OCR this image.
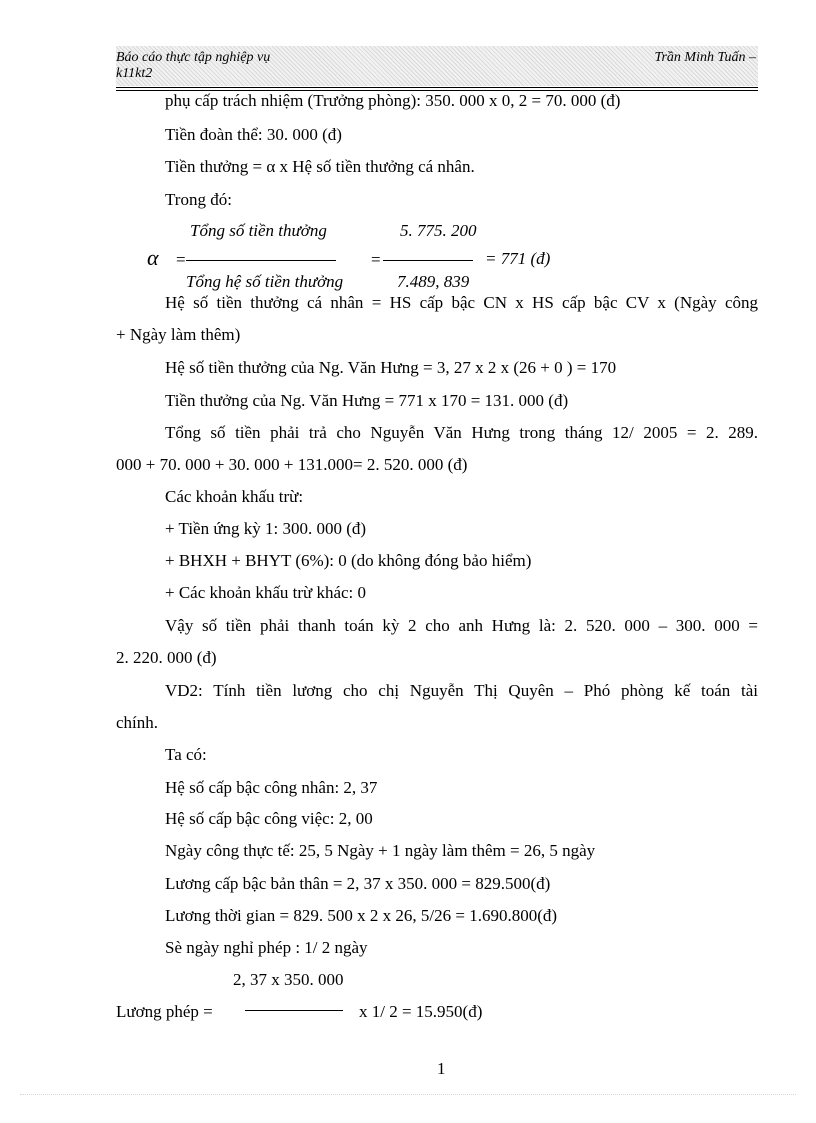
Báo cáo thực tập nghiệp vụ
k11kt2
Trần Minh Tuấn –
phụ cấp trách nhiệm (Trưởng phòng): 350. 000 x 0, 2 = 70. 000 (đ)
Tiền đoàn thể: 30. 000 (đ)
Tiền thưởng = α x Hệ số tiền thưởng cá nhân.
Trong đó:
Tổng số tiền thưởng	5. 775. 200
α =	=	= 771 (đ)
Tổng hệ số tiền thưởng	7.489, 839
Hệ số tiền thưởng cá nhân = HS cấp bậc CN x HS cấp bậc CV x (Ngày công
+ Ngày làm thêm)
Hệ số tiền thưởng của Ng. Văn Hưng = 3, 27 x 2 x (26 + 0 ) = 170
Tiền thưởng của Ng. Văn Hưng = 771 x 170 = 131. 000 (đ)
Tổng số tiền phải trả cho Nguyễn Văn Hưng trong tháng 12/ 2005 = 2. 289.
000 + 70. 000 + 30. 000 + 131.000= 2. 520. 000 (đ)
Các khoản khấu trừ:
+ Tiền ứng kỳ 1: 300. 000 (đ)
+ BHXH + BHYT (6%): 0 (do không đóng bảo hiểm)
+ Các khoản khấu trừ khác: 0
Vậy số tiền phải thanh toán kỳ 2 cho anh Hưng là: 2. 520. 000 – 300. 000 =
2. 220. 000 (đ)
VD2: Tính tiền lương cho chị Nguyễn Thị Quyên – Phó phòng kế toán tài
chính.
Ta có:
Hệ số cấp bậc công nhân: 2, 37
Hệ số cấp bậc công việc: 2, 00
Ngày công thực tế: 25, 5 Ngày + 1 ngày làm thêm = 26, 5 ngày
Lương cấp bậc bản thân = 2, 37 x 350. 000 = 829.500(đ)
Lương thời gian = 829. 500 x 2 x 26, 5/26 = 1.690.800(đ)
Sè ngày nghỉ phép : 1/ 2 ngày
2, 37 x 350. 000
Lương phép =	x 1/ 2 = 15.950(đ)
1
